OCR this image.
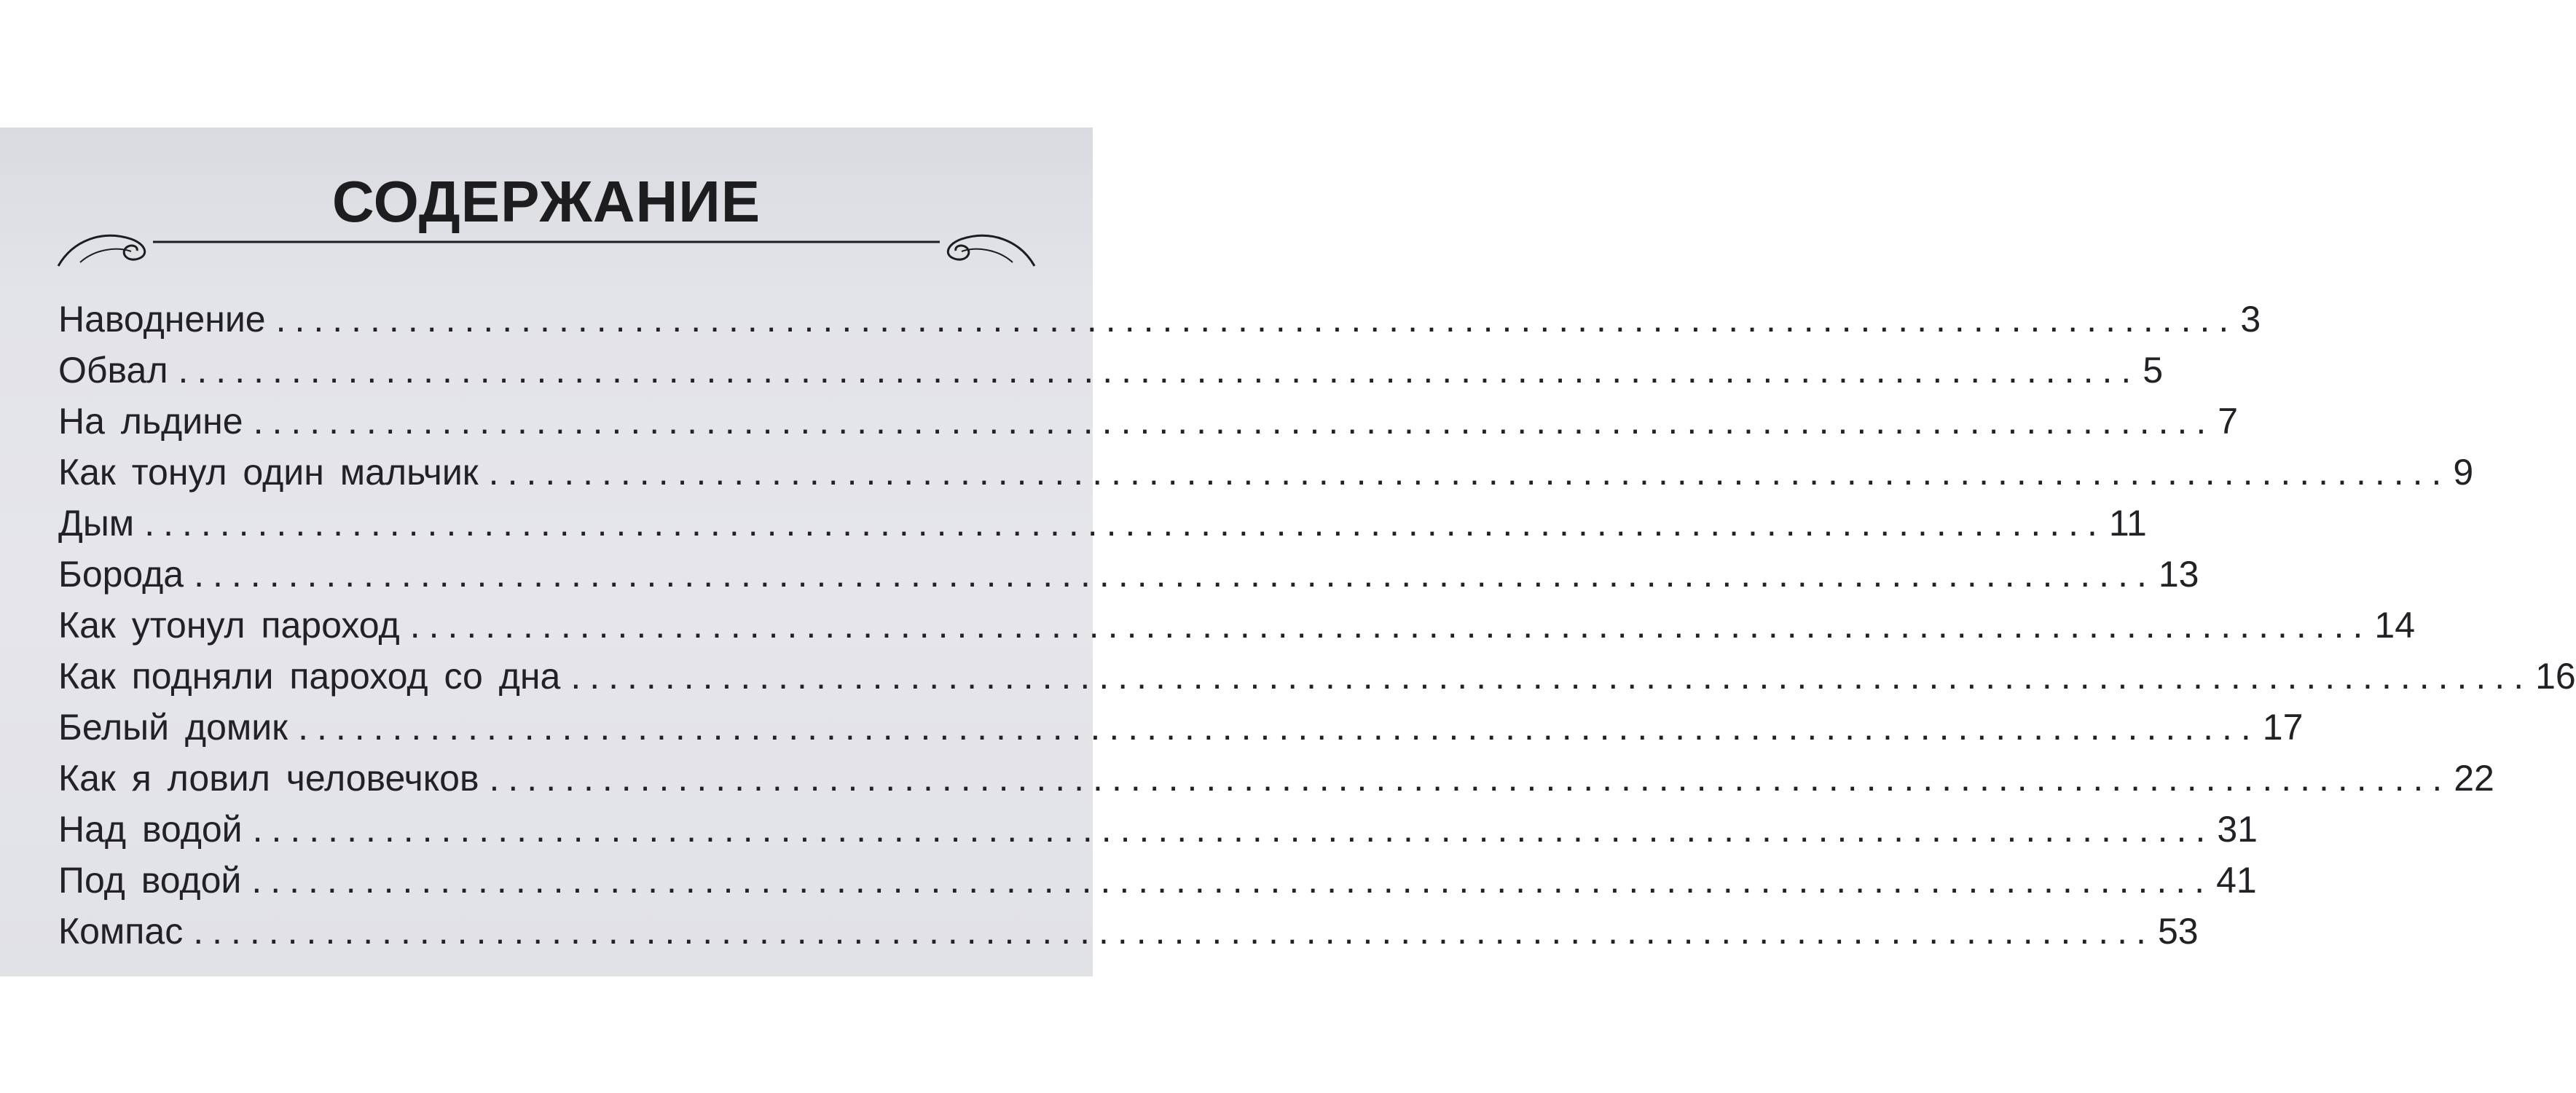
СОДЕРЖАНИЕ
Наводнение ........................................................................................................ 3
Обвал ........................................................................................................ 5
На льдине ........................................................................................................ 7
Как тонул один мальчик ........................................................................................................ 9
Дым ........................................................................................................ 11
Борода ........................................................................................................ 13
Как утонул пароход ........................................................................................................ 14
Как подняли пароход со дна ........................................................................................................ 16
Белый домик ........................................................................................................ 17
Как я ловил человечков ........................................................................................................ 22
Над водой ........................................................................................................ 31
Под водой ........................................................................................................ 41
Компас ........................................................................................................ 53
